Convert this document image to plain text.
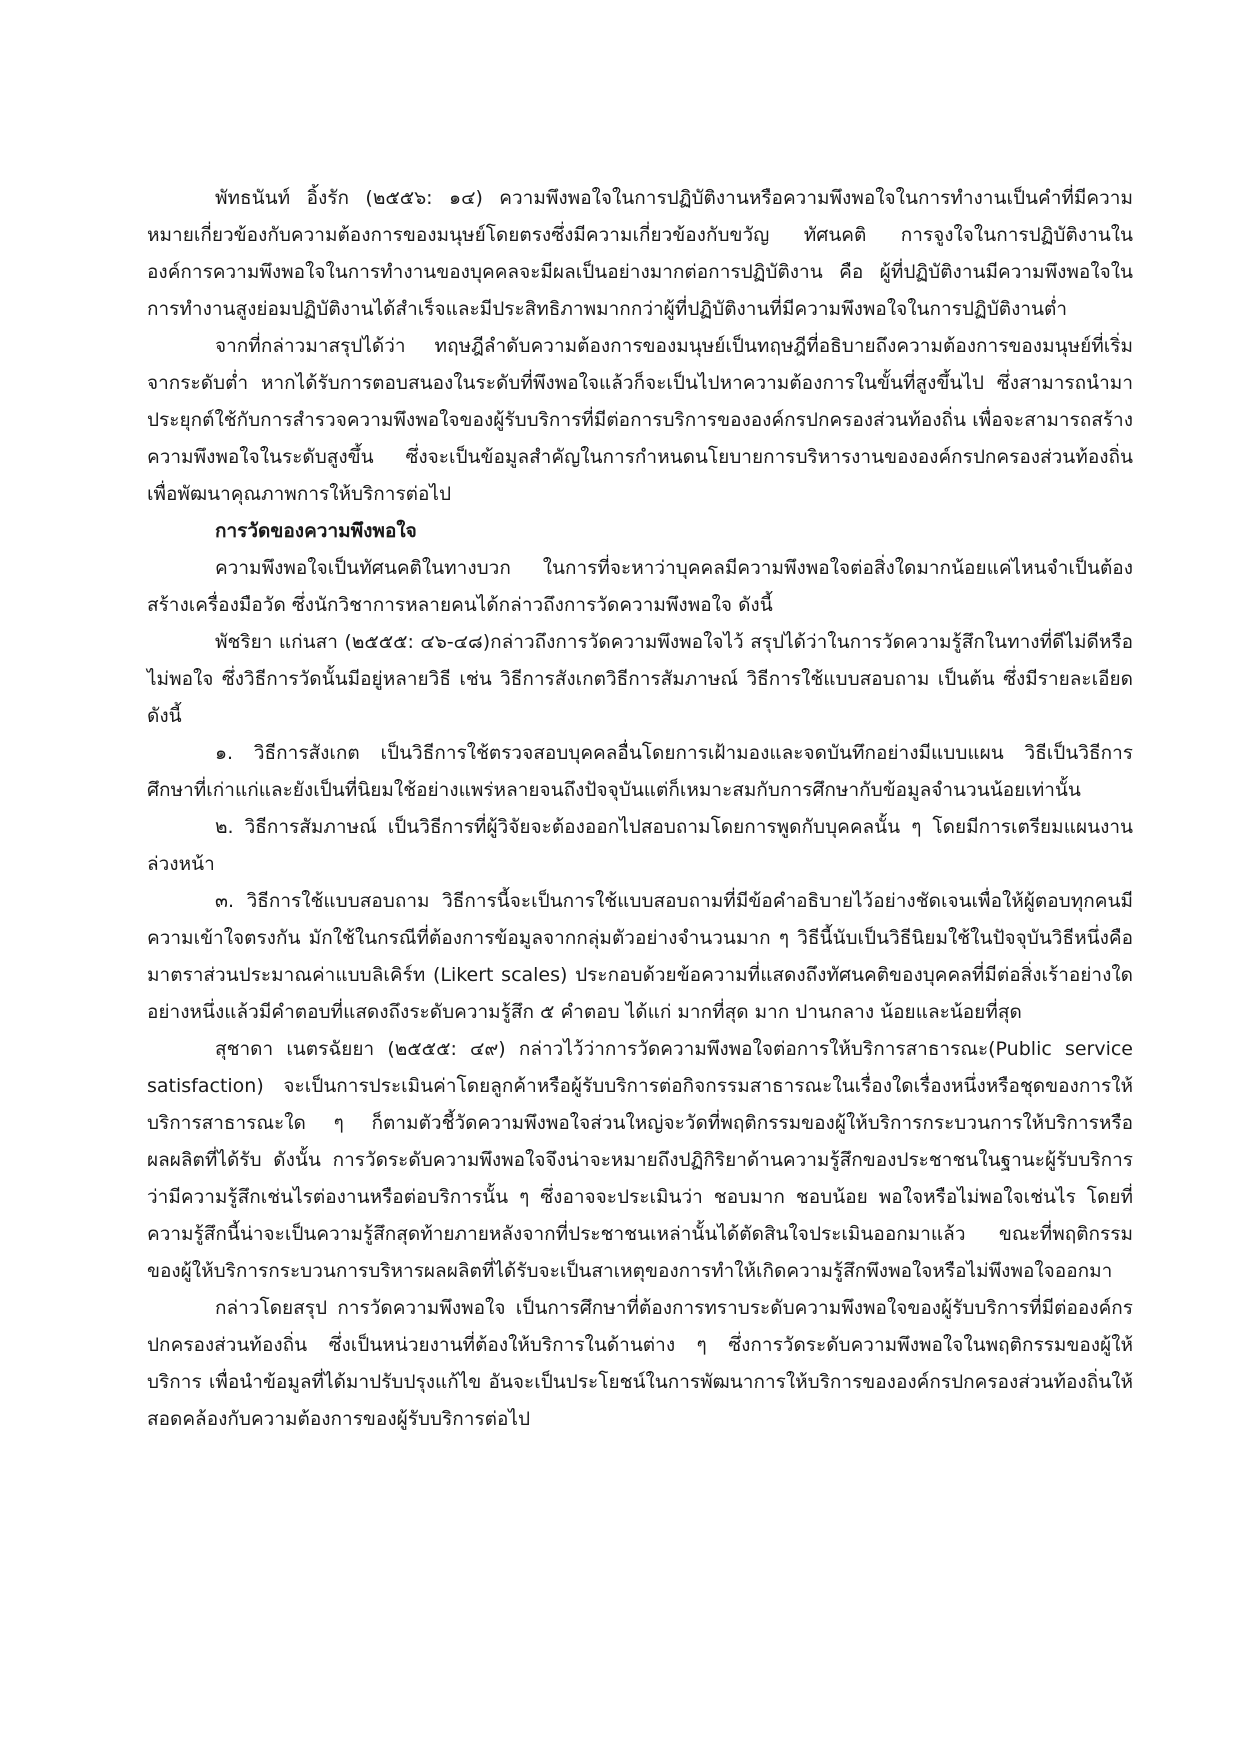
พัทธนันท์ อิ้งรัก (๒๕๕๖: ๑๔) ความพึงพอใจในการปฏิบัติงานหรือความพึงพอใจในการทำงานเป็นคำที่มีความหมายเกี่ยวข้องกับความต้องการของมนุษย์โดยตรงซึ่งมีความเกี่ยวข้องกับขวัญ ทัศนคติ การจูงใจในการปฏิบัติงานในองค์การความพึงพอใจในการทำงานของบุคคลจะมีผลเป็นอย่างมากต่อการปฏิบัติงาน คือ ผู้ที่ปฏิบัติงานมีความพึงพอใจในการทำงานสูงย่อมปฏิบัติงานได้สำเร็จและมีประสิทธิภาพมากกว่าผู้ที่ปฏิบัติงานที่มีความพึงพอใจในการปฏิบัติงานต่ำ

จากที่กล่าวมาสรุปได้ว่า ทฤษฎีลำดับความต้องการของมนุษย์เป็นทฤษฎีที่อธิบายถึงความต้องการของมนุษย์ที่เริ่มจากระดับต่ำ หากได้รับการตอบสนองในระดับที่พึงพอใจแล้วก็จะเป็นไปหาความต้องการในขั้นที่สูงขึ้นไป ซึ่งสามารถนำมาประยุกต์ใช้กับการสำรวจความพึงพอใจของผู้รับบริการที่มีต่อการบริการขององค์กรปกครองส่วนท้องถิ่น เพื่อจะสามารถสร้างความพึงพอใจในระดับสูงขึ้น ซึ่งจะเป็นข้อมูลสำคัญในการกำหนดนโยบายการบริหารงานขององค์กรปกครองส่วนท้องถิ่นเพื่อพัฒนาคุณภาพการให้บริการต่อไป

การวัดของความพึงพอใจ

ความพึงพอใจเป็นทัศนคติในทางบวก ในการที่จะหาว่าบุคคลมีความพึงพอใจต่อสิ่งใดมากน้อยแค่ไหนจำเป็นต้องสร้างเครื่องมือวัด ซึ่งนักวิชาการหลายคนได้กล่าวถึงการวัดความพึงพอใจ ดังนี้

พัชริยา แก่นสา (๒๕๕๕: ๔๖-๔๘)กล่าวถึงการวัดความพึงพอใจไว้ สรุปได้ว่าในการวัดความรู้สึกในทางที่ดีไม่ดีหรือไม่พอใจ ซึ่งวิธีการวัดนั้นมีอยู่หลายวิธี เช่น วิธีการสังเกตวิธีการสัมภาษณ์ วิธีการใช้แบบสอบถาม เป็นต้น ซึ่งมีรายละเอียด ดังนี้

๑. วิธีการสังเกต เป็นวิธีการใช้ตรวจสอบบุคคลอื่นโดยการเฝ้ามองและจดบันทึกอย่างมีแบบแผน วิธีเป็นวิธีการศึกษาที่เก่าแก่และยังเป็นที่นิยมใช้อย่างแพร่หลายจนถึงปัจจุบันแต่ก็เหมาะสมกับการศึกษากับข้อมูลจำนวนน้อยเท่านั้น

๒. วิธีการสัมภาษณ์ เป็นวิธีการที่ผู้วิจัยจะต้องออกไปสอบถามโดยการพูดกับบุคคลนั้น ๆ โดยมีการเตรียมแผนงานล่วงหน้า

๓. วิธีการใช้แบบสอบถาม วิธีการนี้จะเป็นการใช้แบบสอบถามที่มีข้อคำอธิบายไว้อย่างชัดเจนเพื่อให้ผู้ตอบทุกคนมีความเข้าใจตรงกัน มักใช้ในกรณีที่ต้องการข้อมูลจากกลุ่มตัวอย่างจำนวนมาก ๆ วิธีนี้นับเป็นวิธีนิยมใช้ในปัจจุบันวิธีหนึ่งคือ มาตราส่วนประมาณค่าแบบลิเคิร์ท (Likert scales) ประกอบด้วยข้อความที่แสดงถึงทัศนคติของบุคคลที่มีต่อสิ่งเร้าอย่างใดอย่างหนึ่งแล้วมีคำตอบที่แสดงถึงระดับความรู้สึก ๕ คำตอบ ได้แก่ มากที่สุด มาก ปานกลาง น้อยและน้อยที่สุด

สุชาดา เนตรฉัยยา (๒๕๕๕: ๔๙) กล่าวไว้ว่าการวัดความพึงพอใจต่อการให้บริการสาธารณะ(Public service satisfaction) จะเป็นการประเมินค่าโดยลูกค้าหรือผู้รับบริการต่อกิจกรรมสาธารณะในเรื่องใดเรื่องหนึ่งหรือชุดของการให้บริการสาธารณะใด ๆ ก็ตามตัวชี้วัดความพึงพอใจส่วนใหญ่จะวัดที่พฤติกรรมของผู้ให้บริการกระบวนการให้บริการหรือผลผลิตที่ได้รับ ดังนั้น การวัดระดับความพึงพอใจจึงน่าจะหมายถึงปฏิกิริยาด้านความรู้สึกของประชาชนในฐานะผู้รับบริการว่ามีความรู้สึกเช่นไรต่องานหรือต่อบริการนั้น ๆ ซึ่งอาจจะประเมินว่า ชอบมาก ชอบน้อย พอใจหรือไม่พอใจเช่นไร โดยที่ความรู้สึกนี้น่าจะเป็นความรู้สึกสุดท้ายภายหลังจากที่ประชาชนเหล่านั้นได้ตัดสินใจประเมินออกมาแล้ว ขณะที่พฤติกรรมของผู้ให้บริการกระบวนการบริหารผลผลิตที่ได้รับจะเป็นสาเหตุของการทำให้เกิดความรู้สึกพึงพอใจหรือไม่พึงพอใจออกมา

กล่าวโดยสรุป การวัดความพึงพอใจ เป็นการศึกษาที่ต้องการทราบระดับความพึงพอใจของผู้รับบริการที่มีต่อองค์กรปกครองส่วนท้องถิ่น ซึ่งเป็นหน่วยงานที่ต้องให้บริการในด้านต่าง ๆ ซึ่งการวัดระดับความพึงพอใจในพฤติกรรมของผู้ให้บริการ เพื่อนำข้อมูลที่ได้มาปรับปรุงแก้ไข อันจะเป็นประโยชน์ในการพัฒนาการให้บริการขององค์กรปกครองส่วนท้องถิ่นให้สอดคล้องกับความต้องการของผู้รับบริการต่อไป
